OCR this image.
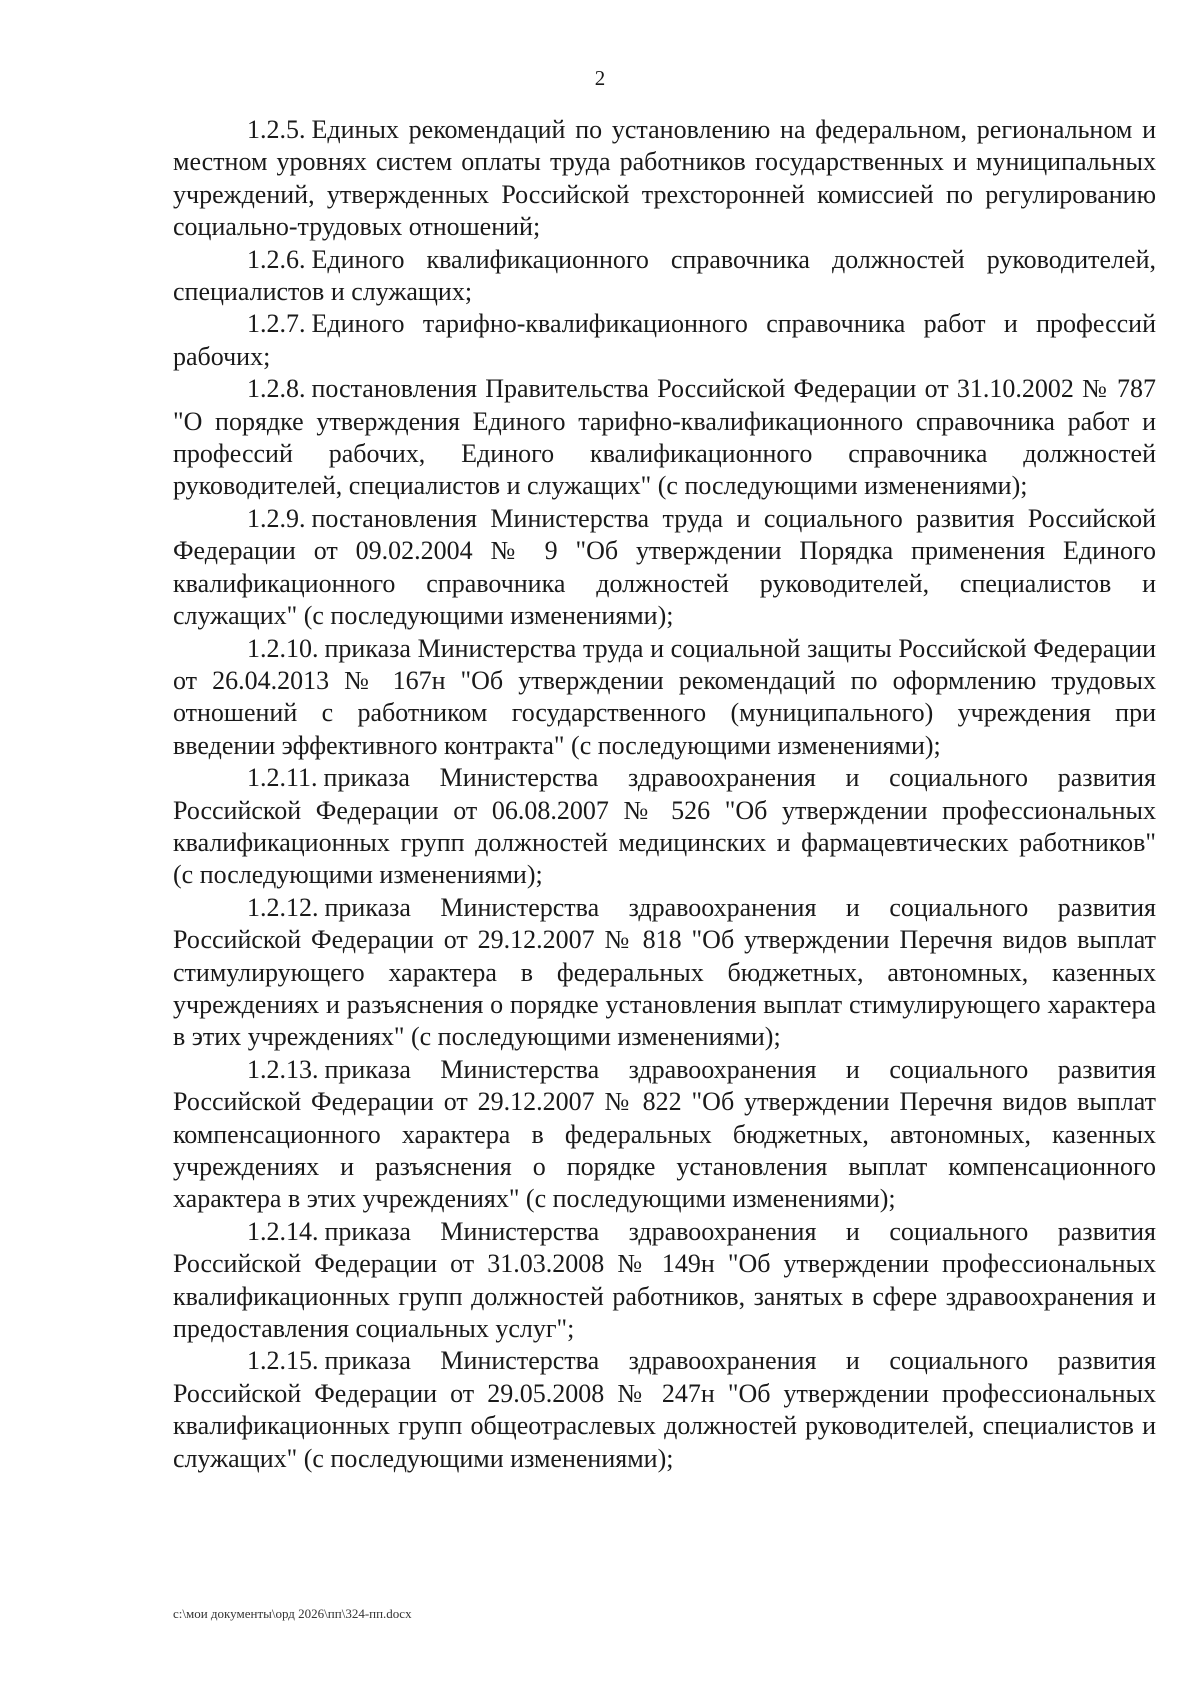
2

1.2.5. Единых рекомендаций по установлению на федеральном, региональном и местном уровнях систем оплаты труда работников государственных и муниципальных учреждений, утвержденных Российской трехсторонней комиссией по регулированию социально-трудовых отношений;

1.2.6. Единого квалификационного справочника должностей руководителей, специалистов и служащих;

1.2.7. Единого тарифно-квалификационного справочника работ и профессий рабочих;

1.2.8. постановления Правительства Российской Федерации от 31.10.2002 № 787 "О порядке утверждения Единого тарифно-квалификационного справочника работ и профессий рабочих, Единого квалификационного справочника должностей руководителей, специалистов и служащих" (с последующими изменениями);

1.2.9. постановления Министерства труда и социального развития Российской Федерации от 09.02.2004 № 9 "Об утверждении Порядка применения Единого квалификационного справочника должностей руководителей, специалистов и служащих" (с последующими изменениями);

1.2.10. приказа Министерства труда и социальной защиты Российской Федерации от 26.04.2013 № 167н "Об утверждении рекомендаций по оформлению трудовых отношений с работником государственного (муниципального) учреждения при введении эффективного контракта" (с последующими изменениями);

1.2.11. приказа Министерства здравоохранения и социального развития Российской Федерации от 06.08.2007 № 526 "Об утверждении профессиональных квалификационных групп должностей медицинских и фармацевтических работников" (с последующими изменениями);

1.2.12. приказа Министерства здравоохранения и социального развития Российской Федерации от 29.12.2007 № 818 "Об утверждении Перечня видов выплат стимулирующего характера в федеральных бюджетных, автономных, казенных учреждениях и разъяснения о порядке установления выплат стимулирующего характера в этих учреждениях" (с последующими изменениями);

1.2.13. приказа Министерства здравоохранения и социального развития Российской Федерации от 29.12.2007 № 822 "Об утверждении Перечня видов выплат компенсационного характера в федеральных бюджетных, автономных, казенных учреждениях и разъяснения о порядке установления выплат компенсационного характера в этих учреждениях" (с последующими изменениями);

1.2.14. приказа Министерства здравоохранения и социального развития Российской Федерации от 31.03.2008 № 149н "Об утверждении профессиональных квалификационных групп должностей работников, занятых в сфере здравоохранения и предоставления социальных услуг";

1.2.15. приказа Министерства здравоохранения и социального развития Российской Федерации от 29.05.2008 № 247н "Об утверждении профессиональных квалификационных групп общеотраслевых должностей руководителей, специалистов и служащих" (с последующими изменениями);

c:\мои документы\орд 2026\пп\324-пп.docx
